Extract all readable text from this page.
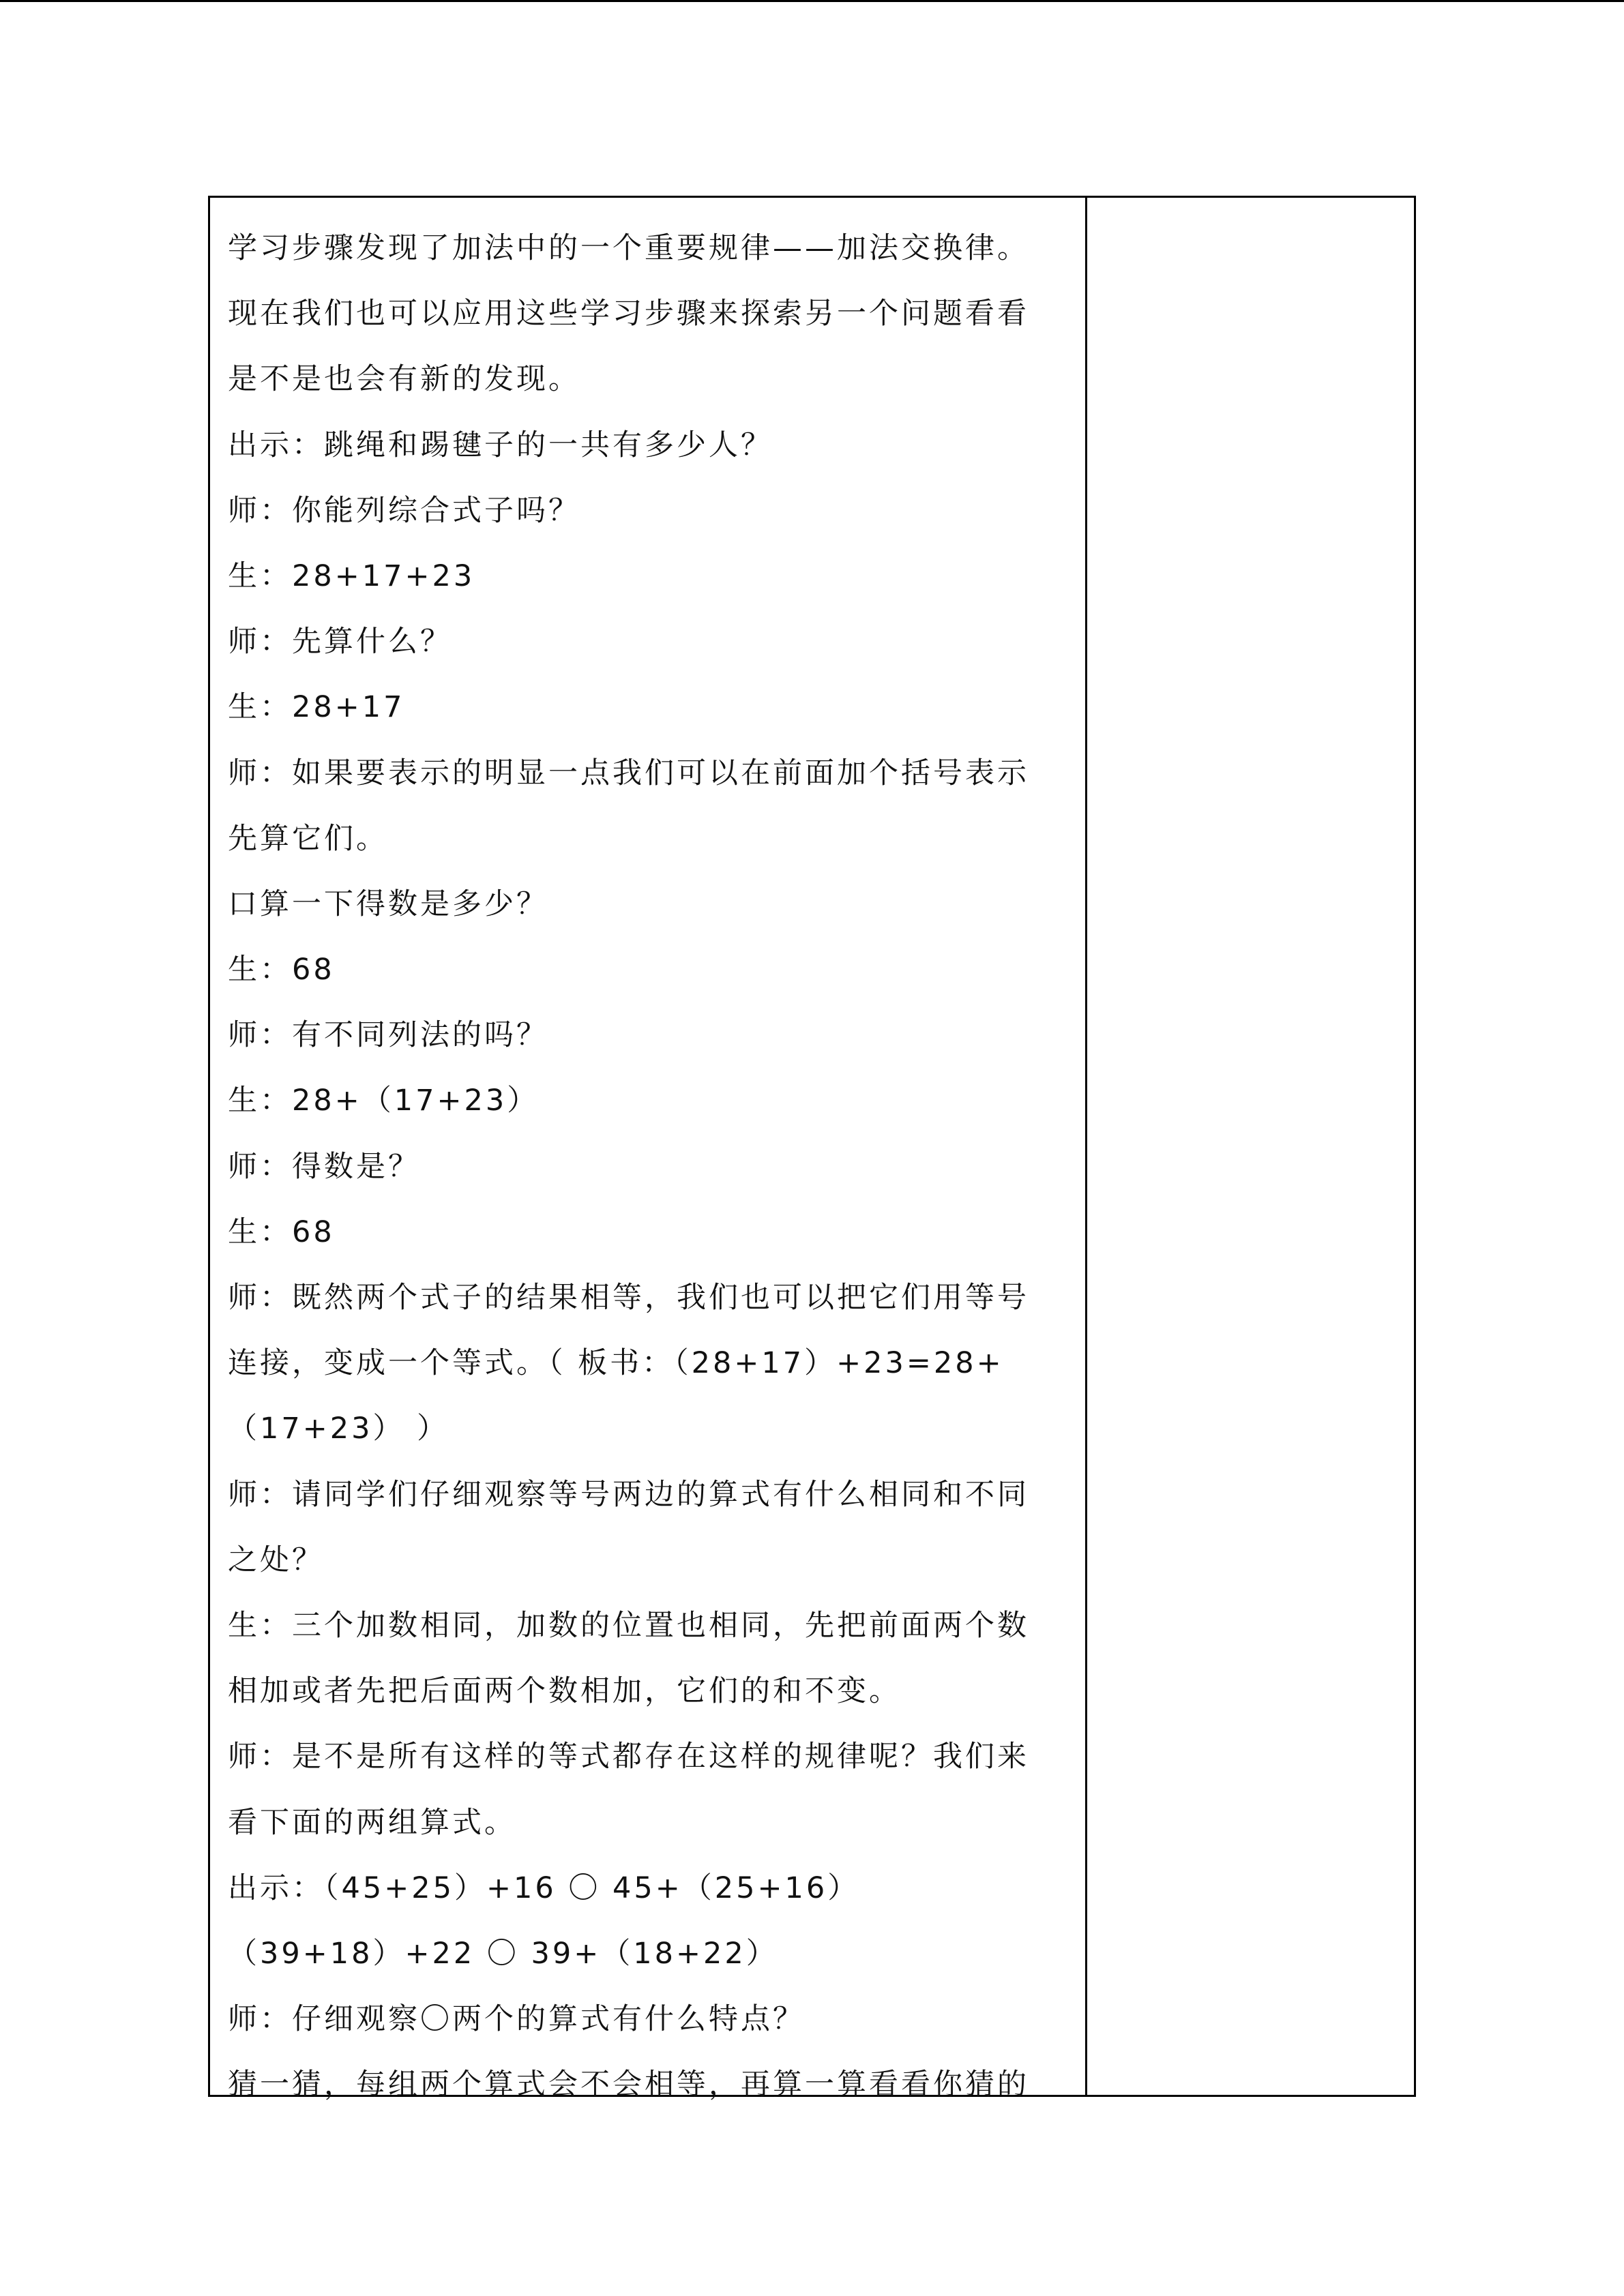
学习步骤发现了加法中的一个重要规律——加法交换律。
现在我们也可以应用这些学习步骤来探索另一个问题看看
是不是也会有新的发现。
出示：跳绳和踢毽子的一共有多少人？
师：你能列综合式子吗？
生：28+17+23
师：先算什么？
生：28+17
师：如果要表示的明显一点我们可以在前面加个括号表示
先算它们。
口算一下得数是多少？
生：68
师：有不同列法的吗？
生：28+（17+23）
师：得数是？
生：68
师：既然两个式子的结果相等，我们也可以把它们用等号
连接，变成一个等式。（ 板书：（28+17）+23=28+
（17+23） ）
师：请同学们仔细观察等号两边的算式有什么相同和不同
之处？
生：三个加数相同，加数的位置也相同，先把前面两个数
相加或者先把后面两个数相加，它们的和不变。
师：是不是所有这样的等式都存在这样的规律呢？我们来
看下面的两组算式。
出示：（45+25）+16 〇 45+（25+16）
（39+18）+22 〇 39+（18+22）
师：仔细观察〇两个的算式有什么特点？
猜一猜，每组两个算式会不会相等，再算一算看看你猜的
